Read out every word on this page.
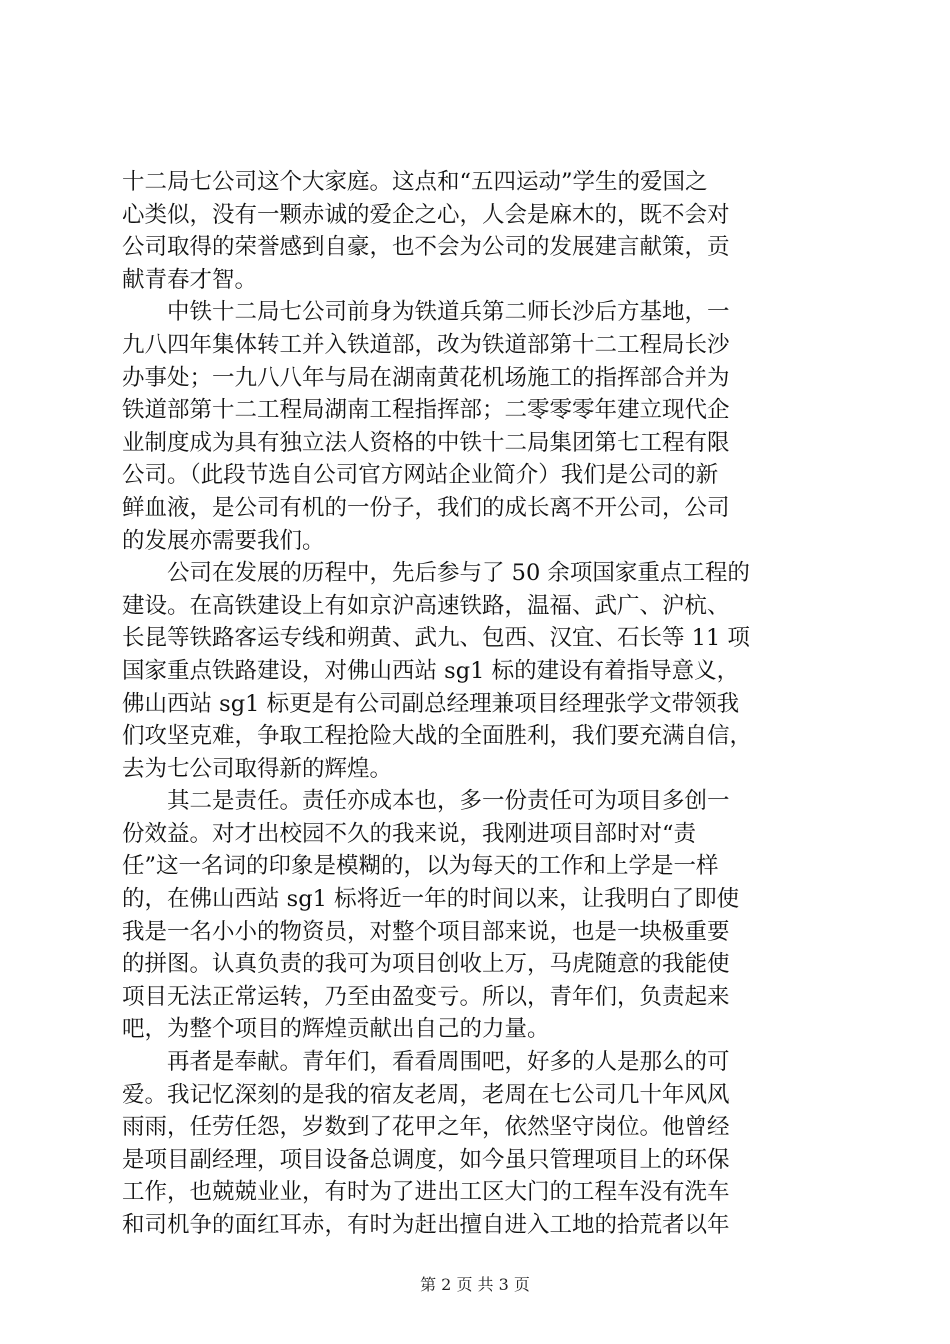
十二局七公司这个大家庭。这点和“五四运动”学生的爱国之
心类似，没有一颗赤诚的爱企之心，人会是麻木的，既不会对
公司取得的荣誉感到自豪，也不会为公司的发展建言献策，贡
献青春才智。
　　中铁十二局七公司前身为铁道兵第二师长沙后方基地，一
九八四年集体转工并入铁道部，改为铁道部第十二工程局长沙
办事处；一九八八年与局在湖南黄花机场施工的指挥部合并为
铁道部第十二工程局湖南工程指挥部；二零零零年建立现代企
业制度成为具有独立法人资格的中铁十二局集团第七工程有限
公司。（此段节选自公司官方网站企业简介）我们是公司的新
鲜血液，是公司有机的一份子，我们的成长离不开公司，公司
的发展亦需要我们。
　　公司在发展的历程中，先后参与了 50 余项国家重点工程的
建设。在高铁建设上有如京沪高速铁路，温福、武广、沪杭、
长昆等铁路客运专线和朔黄、武九、包西、汉宜、石长等 11 项
国家重点铁路建设，对佛山西站 sg1 标的建设有着指导意义，
佛山西站 sg1 标更是有公司副总经理兼项目经理张学文带领我
们攻坚克难，争取工程抢险大战的全面胜利，我们要充满自信，
去为七公司取得新的辉煌。
　　其二是责任。责任亦成本也，多一份责任可为项目多创一
份效益。对才出校园不久的我来说，我刚进项目部时对“责
任”这一名词的印象是模糊的，以为每天的工作和上学是一样
的，在佛山西站 sg1 标将近一年的时间以来，让我明白了即使
我是一名小小的物资员，对整个项目部来说，也是一块极重要
的拼图。认真负责的我可为项目创收上万，马虎随意的我能使
项目无法正常运转，乃至由盈变亏。所以，青年们，负责起来
吧，为整个项目的辉煌贡献出自己的力量。
　　再者是奉献。青年们，看看周围吧，好多的人是那么的可
爱。我记忆深刻的是我的宿友老周，老周在七公司几十年风风
雨雨，任劳任怨，岁数到了花甲之年，依然坚守岗位。他曾经
是项目副经理，项目设备总调度，如今虽只管理项目上的环保
工作，也兢兢业业，有时为了进出工区大门的工程车没有洗车
和司机争的面红耳赤，有时为赶出擅自进入工地的拾荒者以年
第 2 页 共 3 页
